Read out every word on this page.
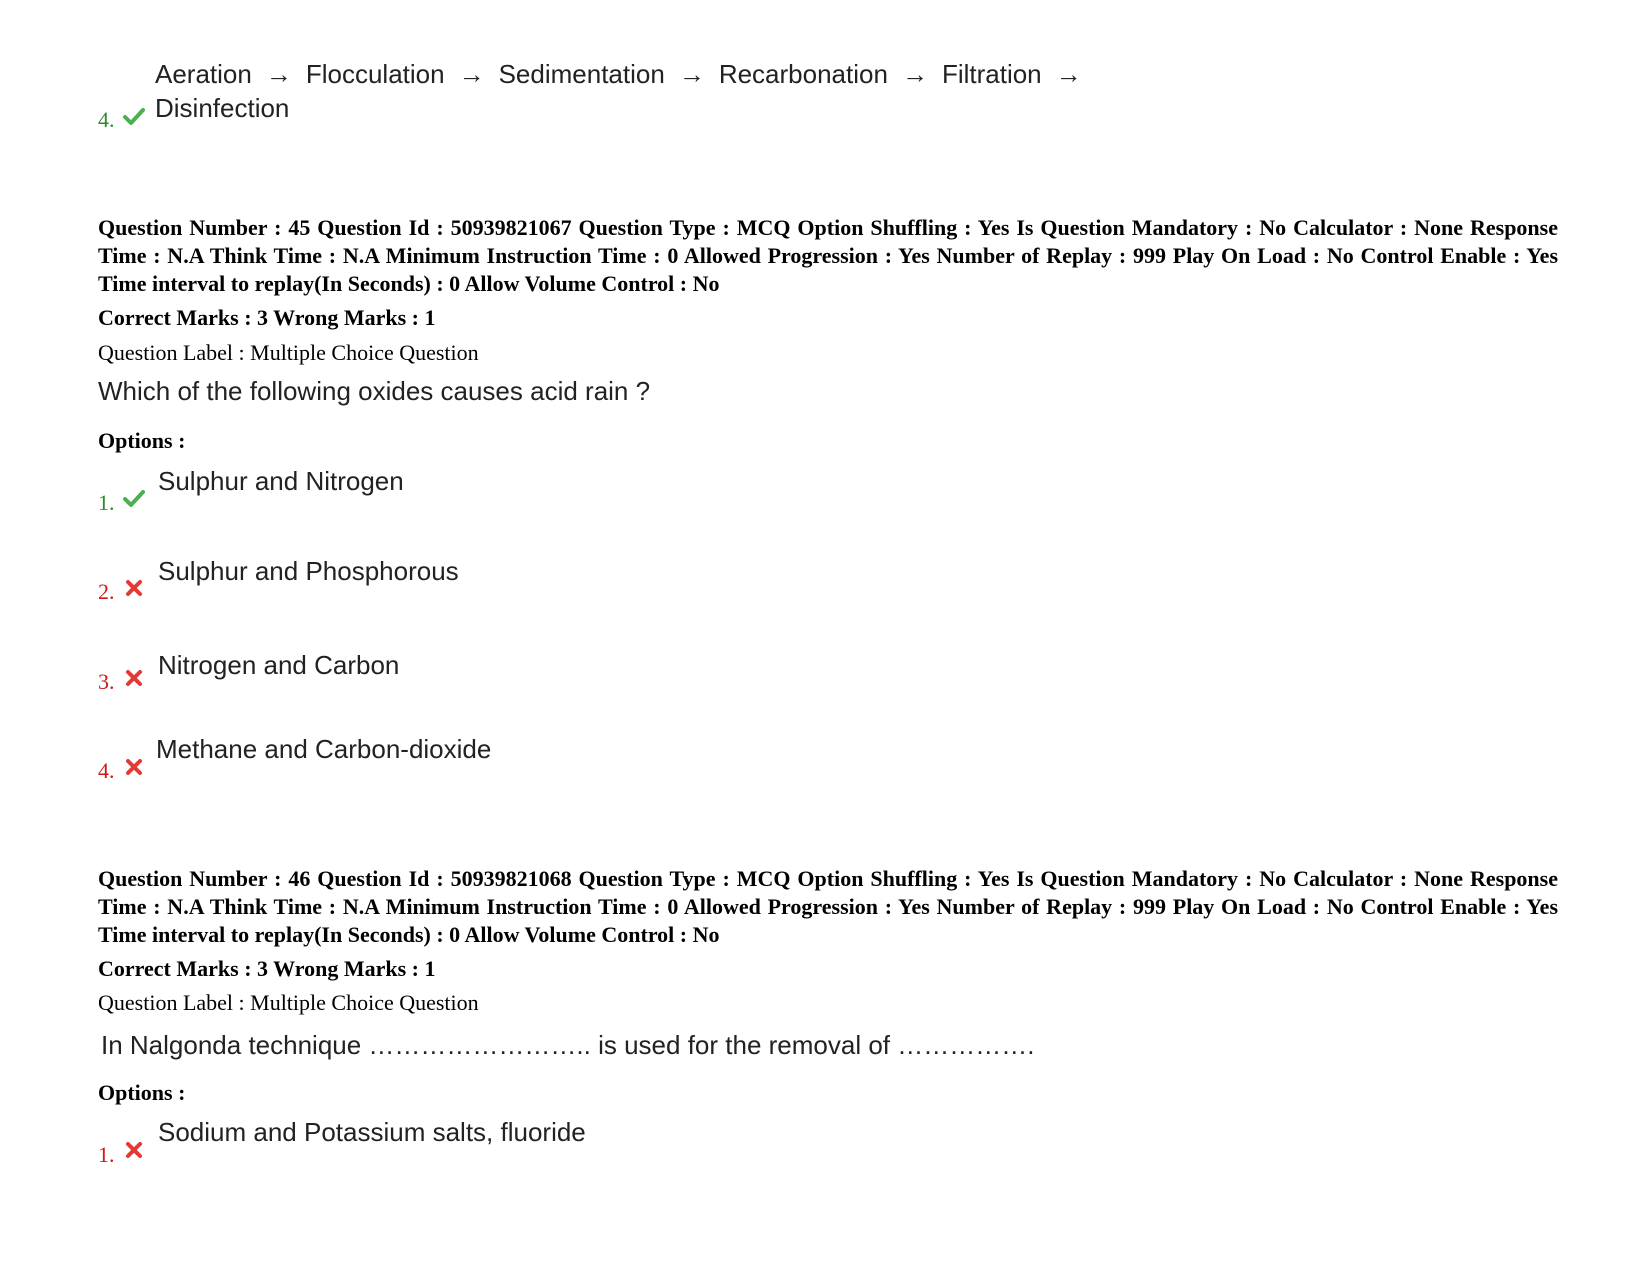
Aeration → Flocculation → Sedimentation → Recarbonation → Filtration →
Disinfection
4.
Question Number : 45 Question Id : 50939821067 Question Type : MCQ Option Shuffling : Yes Is Question Mandatory : No Calculator : None Response Time : N.A Think Time : N.A Minimum Instruction Time : 0 Allowed Progression : Yes Number of Replay : 999 Play On Load : No Control Enable : Yes Time interval to replay(In Seconds) : 0 Allow Volume Control : No
Correct Marks : 3 Wrong Marks : 1
Question Label : Multiple Choice Question
Which of the following oxides causes acid rain ?
Options :
1.
Sulphur and Nitrogen
2.
Sulphur and Phosphorous
3.
Nitrogen and Carbon
4.
Methane and Carbon-dioxide
Question Number : 46 Question Id : 50939821068 Question Type : MCQ Option Shuffling : Yes Is Question Mandatory : No Calculator : None Response Time : N.A Think Time : N.A Minimum Instruction Time : 0 Allowed Progression : Yes Number of Replay : 999 Play On Load : No Control Enable : Yes Time interval to replay(In Seconds) : 0 Allow Volume Control : No
Correct Marks : 3 Wrong Marks : 1
Question Label : Multiple Choice Question
In Nalgonda technique …………………….. is used for the removal of …………….
Options :
1.
Sodium and Potassium salts, fluoride
